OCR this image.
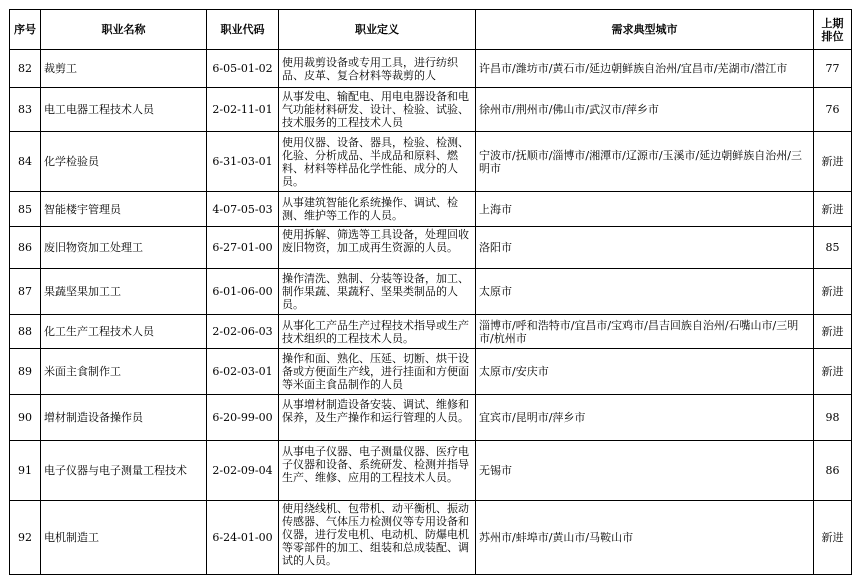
序号	职业名称	职业代码	职业定义	需求典型城市	上期排位
82	裁剪工	6-05-01-02	使用裁剪设备或专用工具，进行纺织品、皮革、复合材料等裁剪的人	许昌市/潍坊市/黄石市/延边朝鲜族自治州/宜昌市/芜湖市/潜江市	77
83	电工电器工程技术人员	2-02-11-01	从事发电、输配电、用电电器设备和电气功能材料研发、设计、检验、试验、技术服务的工程技术人员	徐州市/荆州市/佛山市/武汉市/萍乡市	76
84	化学检验员	6-31-03-01	使用仪器、设备、器具，检验、检测、化验、分析成品、半成品和原料、燃料、材料等样品化学性能、成分的人员。	宁波市/抚顺市/淄博市/湘潭市/辽源市/玉溪市/延边朝鲜族自治州/三明市	新进
85	智能楼宇管理员	4-07-05-03	从事建筑智能化系统操作、调试、检测、维护等工作的人员。	上海市	新进
86	废旧物资加工处理工	6-27-01-00	使用拆解、筛选等工具设备，处理回收废旧物资，加工成再生资源的人员。	洛阳市	85
87	果蔬坚果加工工	6-01-06-00	操作清洗、熟制、分装等设备，加工、制作果蔬、果蔬籽、坚果类制品的人员。	太原市	新进
88	化工生产工程技术人员	2-02-06-03	从事化工产品生产过程技术指导或生产技术组织的工程技术人员。	淄博市/呼和浩特市/宜昌市/宝鸡市/昌吉回族自治州/石嘴山市/三明市/杭州市	新进
89	米面主食制作工	6-02-03-01	操作和面、熟化、压延、切断、烘干设备或方便面生产线，进行挂面和方便面等米面主食品制作的人员	太原市/安庆市	新进
90	增材制造设备操作员	6-20-99-00	从事增材制造设备安装、调试、维修和保养，及生产操作和运行管理的人员。	宜宾市/昆明市/萍乡市	98
91	电子仪器与电子测量工程技术	2-02-09-04	从事电子仪器、电子测量仪器、医疗电子仪器和设备、系统研发、检测并指导生产、维修、应用的工程技术人员。	无锡市	86
92	电机制造工	6-24-01-00	使用绕线机、包带机、动平衡机、振动传感器、气体压力检测仪等专用设备和仪器，进行发电机、电动机、防爆电机等零部件的加工、组装和总成装配、调试的人员。	苏州市/蚌埠市/黄山市/马鞍山市	新进
